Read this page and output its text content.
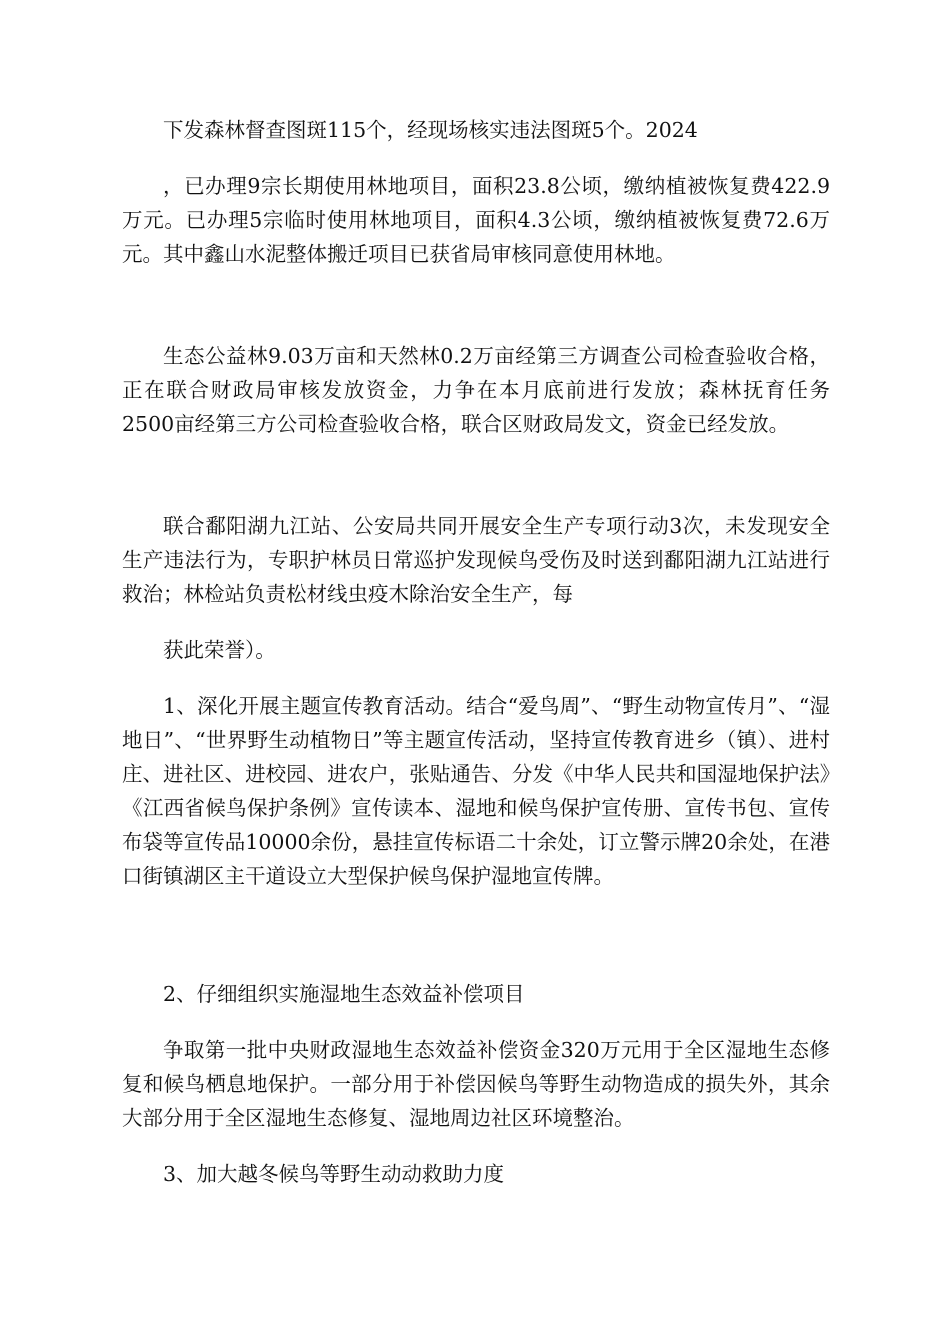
下发森林督查图斑115个，经现场核实违法图斑5个。2024

，已办理9宗长期使用林地项目，面积23.8公顷，缴纳植被恢复费422.9万元。已办理5宗临时使用林地项目，面积4.3公顷，缴纳植被恢复费72.6万元。其中鑫山水泥整体搬迁项目已获省局审核同意使用林地。

生态公益林9.03万亩和天然林0.2万亩经第三方调查公司检查验收合格，正在联合财政局审核发放资金，力争在本月底前进行发放；森林抚育任务2500亩经第三方公司检查验收合格，联合区财政局发文，资金已经发放。

联合鄱阳湖九江站、公安局共同开展安全生产专项行动3次，未发现安全生产违法行为，专职护林员日常巡护发现候鸟受伤及时送到鄱阳湖九江站进行救治；林检站负责松材线虫疫木除治安全生产，每

获此荣誉）。

1、深化开展主题宣传教育活动。结合“爱鸟周”、“野生动物宣传月”、“湿地日”、“世界野生动植物日”等主题宣传活动，坚持宣传教育进乡（镇）、进村庄、进社区、进校园、进农户，张贴通告、分发《中华人民共和国湿地保护法》《江西省候鸟保护条例》宣传读本、湿地和候鸟保护宣传册、宣传书包、宣传布袋等宣传品10000余份，悬挂宣传标语二十余处，订立警示牌20余处，在港口街镇湖区主干道设立大型保护候鸟保护湿地宣传牌。

2、仔细组织实施湿地生态效益补偿项目

争取第一批中央财政湿地生态效益补偿资金320万元用于全区湿地生态修复和候鸟栖息地保护。一部分用于补偿因候鸟等野生动物造成的损失外，其余大部分用于全区湿地生态修复、湿地周边社区环境整治。

3、加大越冬候鸟等野生动动救助力度
